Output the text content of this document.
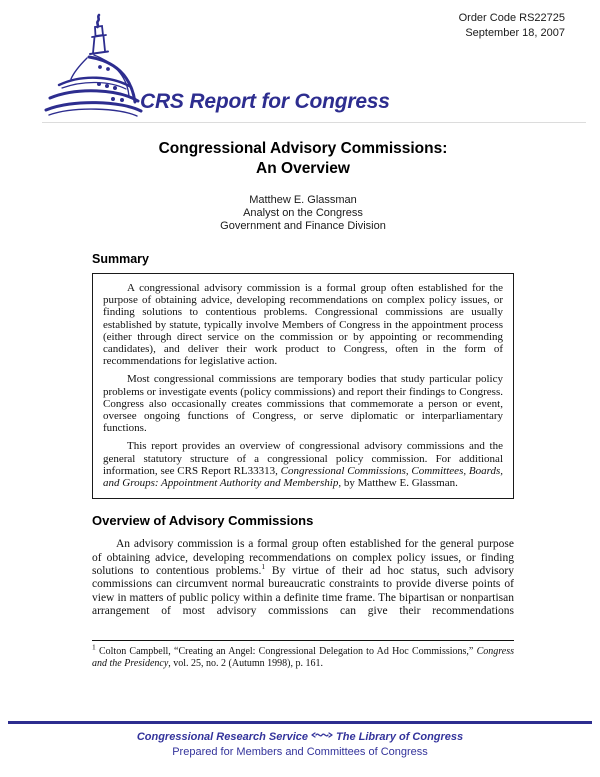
Order Code RS22725
September 18, 2007
CRS Report for Congress
Congressional Advisory Commissions:
An Overview
Matthew E. Glassman
Analyst on the Congress
Government and Finance Division
Summary

A congressional advisory commission is a formal group often established for the purpose of obtaining advice, developing recommendations on complex policy issues, or finding solutions to contentious problems. Congressional commissions are usually established by statute, typically involve Members of Congress in the appointment process (either through direct service on the commission or by appointing or recommending candidates), and deliver their work product to Congress, often in the form of recommendations for legislative action.

Most congressional commissions are temporary bodies that study particular policy problems or investigate events (policy commissions) and report their findings to Congress. Congress also occasionally creates commissions that commemorate a person or event, oversee ongoing functions of Congress, or serve diplomatic or interparliamentary functions.

This report provides an overview of congressional advisory commissions and the general statutory structure of a congressional policy commission. For additional information, see CRS Report RL33313, Congressional Commissions, Committees, Boards, and Groups: Appointment Authority and Membership, by Matthew E. Glassman.

Overview of Advisory Commissions

An advisory commission is a formal group often established for the general purpose of obtaining advice, developing recommendations on complex policy issues, or finding solutions to contentious problems.$^1$ By virtue of their ad hoc status, such advisory commissions can circumvent normal bureaucratic constraints to provide diverse points of view in matters of public policy within a definite time frame. The bipartisan or nonpartisan arrangement of most advisory commissions can give their recommendations

$^1$ Colton Campbell, “Creating an Angel: Congressional Delegation to Ad Hoc Commissions,” Congress and the Presidency, vol. 25, no. 2 (Autumn 1998), p. 161.

Congressional Research Service	The Library of Congress
Prepared for Members and Committees of Congress
